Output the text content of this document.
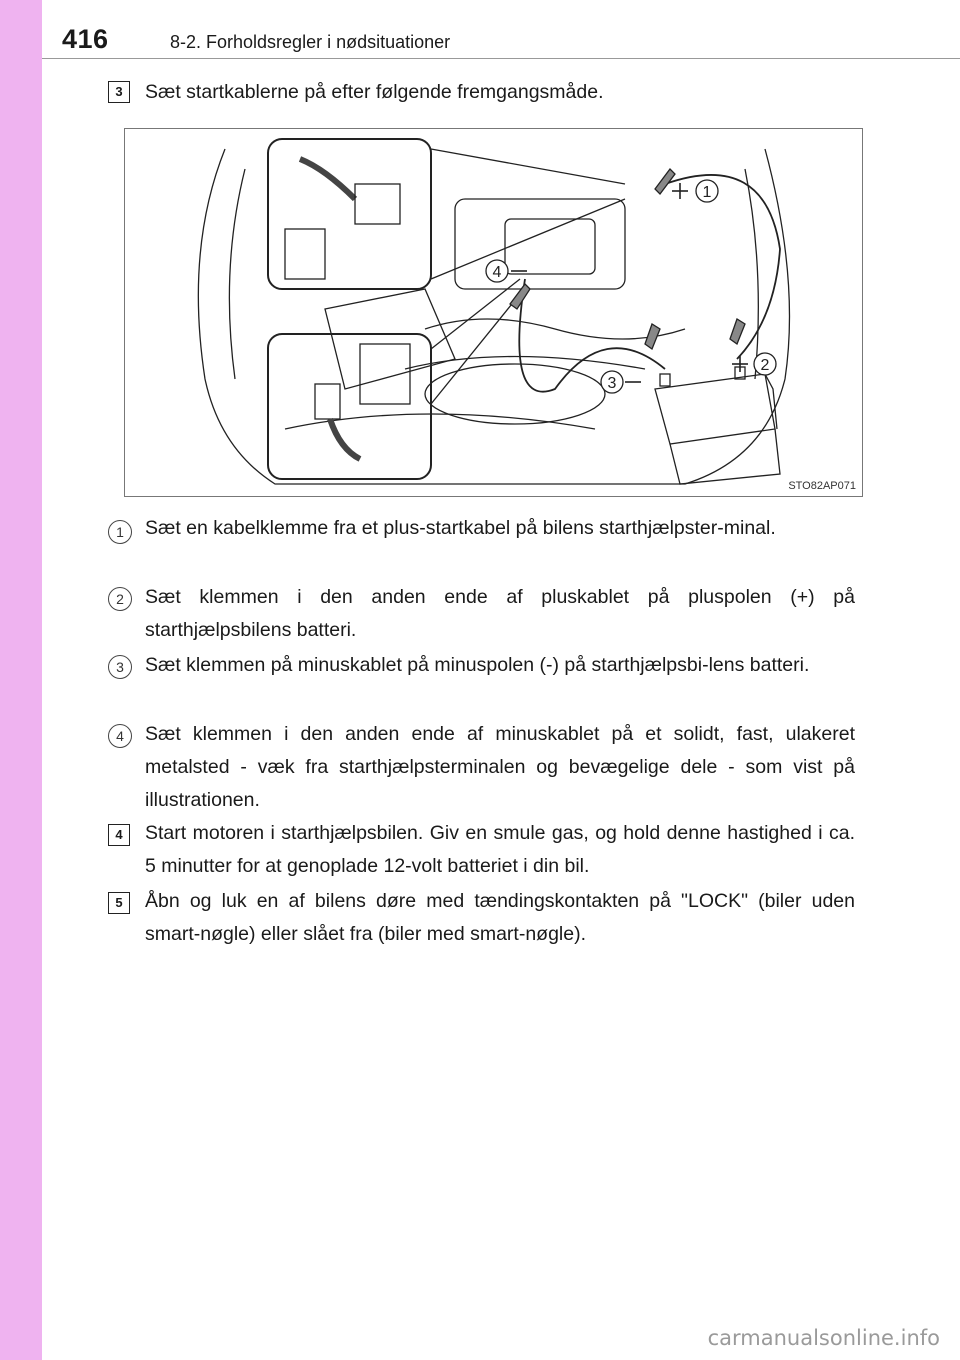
416	8-2. Forholdsregler i nødsituationer
3	Sæt startkablerne på efter følgende fremgangsmåde.
1
2
3
4
STO82AP071
1	Sæt en kabelklemme fra et plus-startkabel på bilens starthjælpster-minal.
2	Sæt klemmen i den anden ende af pluskablet på pluspolen (+) på starthjælpsbilens batteri.
3	Sæt klemmen på minuskablet på minuspolen (-) på starthjælpsbi-lens batteri.
4	Sæt klemmen i den anden ende af minuskablet på et solidt, fast, ulakeret metalsted - væk fra starthjælpsterminalen og bevægelige dele - som vist på illustrationen.
4	Start motoren i starthjælpsbilen. Giv en smule gas, og hold denne hastighed i ca. 5 minutter for at genoplade 12-volt batteriet i din bil.
5	Åbn og luk en af bilens døre med tændingskontakten på "LOCK" (biler uden smart-nøgle) eller slået fra (biler med smart-nøgle).
carmanualsonline.info
